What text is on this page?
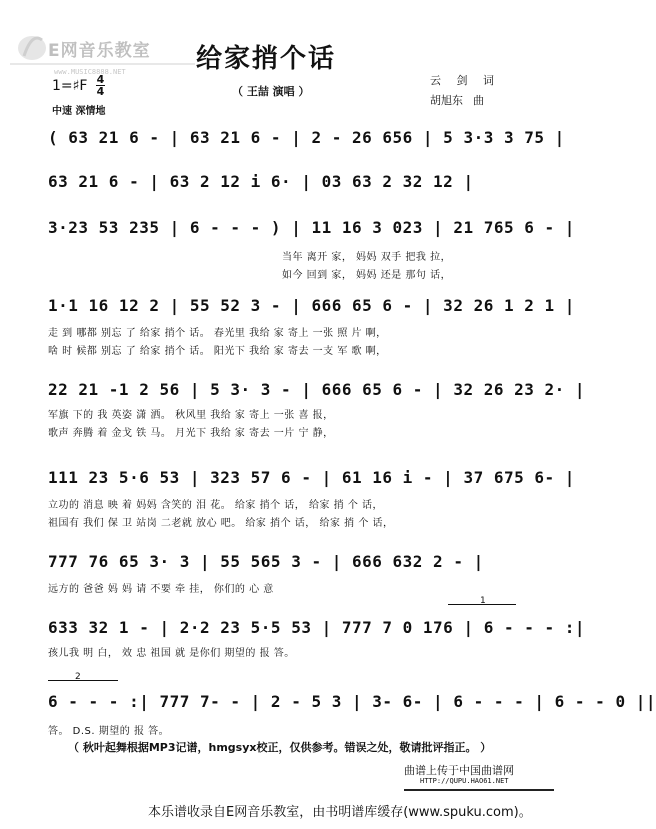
E网音乐教室
www.MUSIC8888.NET	给家捎个话
（ 王喆 演唱 ）
云 剑 词
胡旭东 曲
1=♯F 4
4
中速 深情地
( 63 21 6 - | 63 21 6 - | 2 - 26 656 | 5 3·3 3 75 |
63 21 6 - | 63 2 12 i 6· | 03 63 2 32 12 |
3·23 53 235 | 6 - - - ) | 11 16 3 023 | 21 765 6 - |
当年 离开 家， 妈妈 双手 把我 拉，
如今 回到 家， 妈妈 还是 那句 话，
1·1 16 12 2 | 55 52 3 - | 666 65 6 - | 32 26 1 2 1 |
走 到 哪都 别忘 了 给家 捎个 话。 春光里 我给 家 寄上 一张 照 片 啊，
啥 时 候都 别忘 了 给家 捎个 话。 阳光下 我给 家 寄去 一支 军 歌 啊，
22 21 -1 2 56 | 5 3· 3 - | 666 65 6 - | 32 26 23 2· |
军旗 下的 我 英姿 潇 洒。 秋风里 我给 家 寄上 一张 喜 报，
歌声 奔腾 着 金戈 铁 马。 月光下 我给 家 寄去 一片 宁 静，
111 23 5·6 53 | 323 57 6 - | 61 16 i - | 37 675 6- |
立功的 消息 映 着 妈妈 含笑的 泪 花。 给家 捎个 话， 给家 捎 个 话，
祖国有 我们 保 卫 站岗 二老就 放心 吧。 给家 捎个 话， 给家 捎 个 话，
777 76 65 3· 3 | 55 565 3 - | 666 632 2 - |
远方的 爸爸 妈 妈 请 不要 牵 挂， 你们的 心 意
1
633 32 1 - | 2·2 23 5·5 53 | 777 7 0 176 | 6 - - - :|
孩儿我 明 白， 效 忠 祖国 就 是你们 期望的 报 答。
2
6 - - - :| 777 7- - | 2 - 5 3 | 3- 6- | 6 - - - | 6 - - 0 ||
答。 D.S. 期望的 报 答。
（ 秋叶起舞根据MP3记谱，hmgsyx校正，仅供参考。错误之处，敬请批评指正。 ）
曲谱上传于中国曲谱网
HTTP://QUPU.HAO61.NET
本乐谱收录自E网音乐教室，由书明谱库缓存(www.spuku.com)。
